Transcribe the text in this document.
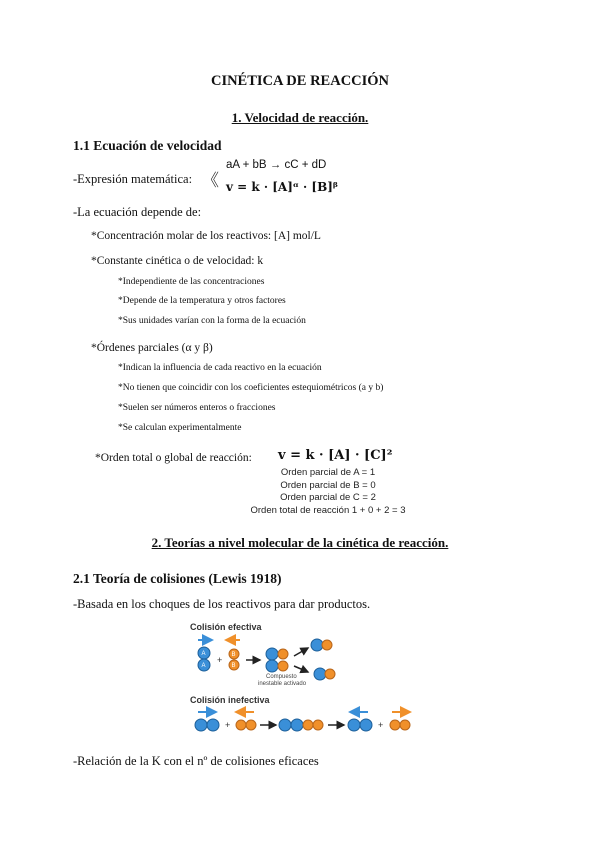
CINÉTICA DE REACCIÓN
1. Velocidad de reacción.
1.1 Ecuación de velocidad
-Expresión matemática: 《
aA + bB → cC + dD
v = k · [A]ᵅ · [B]ᵝ
-La ecuación depende de:
*Concentración molar de los reactivos: [A] mol/L
*Constante cinética o de velocidad: k
*Independiente de las concentraciones
*Depende de la temperatura y otros factores
*Sus unidades varían con la forma de la ecuación
*Órdenes parciales (α y β)
*Indican la influencia de cada reactivo en la ecuación
*No tienen que coincidir con los coeficientes estequiométricos (a y b)
*Suelen ser números enteros o fracciones
*Se calculan experimentalmente
*Orden total o global de reacción: v = k · [A] · [C]²
Orden parcial de A = 1
Orden parcial de B = 0
Orden parcial de C = 2
Orden total de reacción 1 + 0 + 2 = 3
2. Teorías a nivel molecular de la cinética de reacción.
2.1 Teoría de colisiones (Lewis 1918)
-Basada en los choques de los reactivos para dar productos.
Colisión efectiva
A
A
+ B
B
Compuesto
inestable activado
Colisión inefectiva
+	+
-Relación de la K con el nº de colisiones eficaces
